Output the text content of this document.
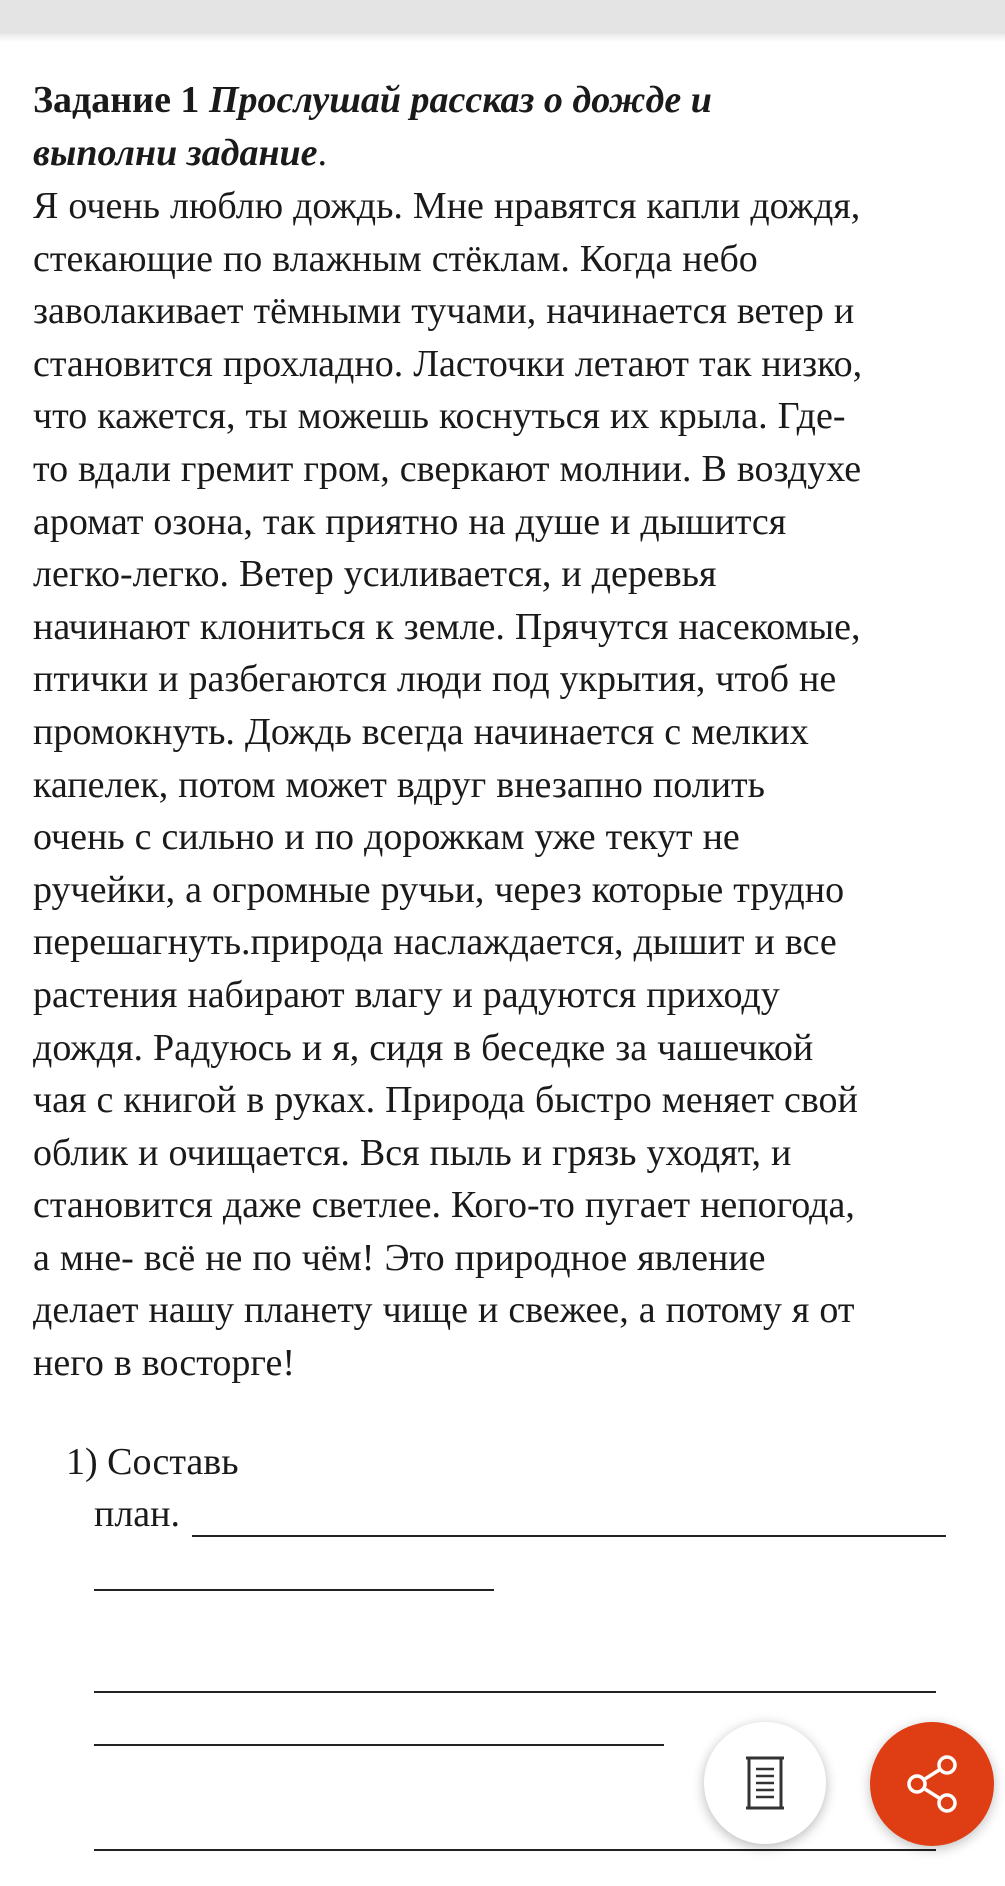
Задание 1 Прослушай рассказ о дожде и
выполни задание.

Я очень люблю дождь. Мне нравятся капли дождя,
стекающие по влажным стёклам. Когда небо
заволакивает тёмными тучами, начинается ветер и
становится прохладно. Ласточки летают так низко,
что кажется, ты можешь коснуться их крыла. Где-
то вдали гремит гром, сверкают молнии. В воздухе
аромат озона, так приятно на душе и дышится
легко-легко. Ветер усиливается, и деревья
начинают клониться к земле. Прячутся насекомые,
птички и разбегаются люди под укрытия, чтоб не
промокнуть. Дождь всегда начинается с мелких
капелек, потом может вдруг внезапно полить
очень с сильно и по дорожкам уже текут не
ручейки, а огромные ручьи, через которые трудно
перешагнуть.природа наслаждается, дышит и все
растения набирают влагу и радуются приходу
дождя. Радуюсь и я, сидя в беседке за чашечкой
чая с книгой в руках. Природа быстро меняет свой
облик и очищается. Вся пыль и грязь уходят, и
становится даже светлее. Кого-то пугает непогода,
а мне- всё не по чём! Это природное явление
делает нашу планету чище и свежее, а потому я от
него в восторге!

1) Составь
план.
